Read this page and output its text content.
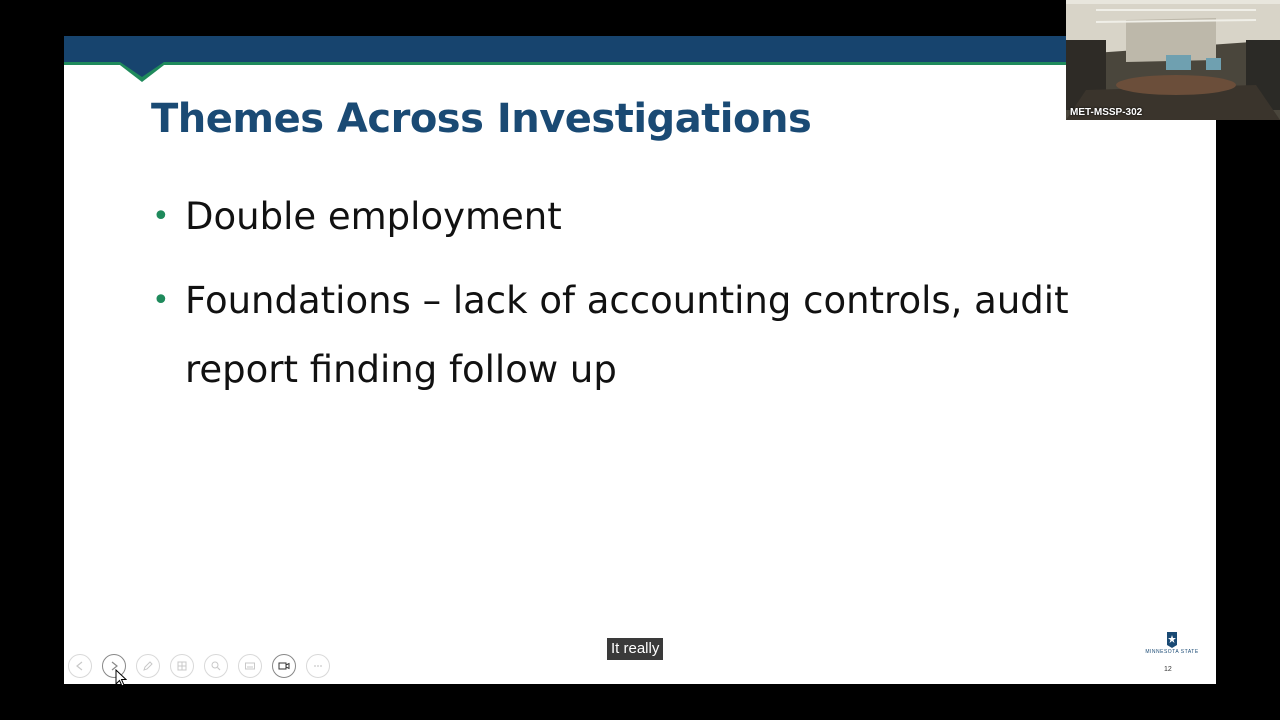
Themes Across Investigations
• Double employment
• Foundations – lack of accounting controls, audit report finding follow up
MINNESOTA STATE
12
It really
MET-MSSP-302
